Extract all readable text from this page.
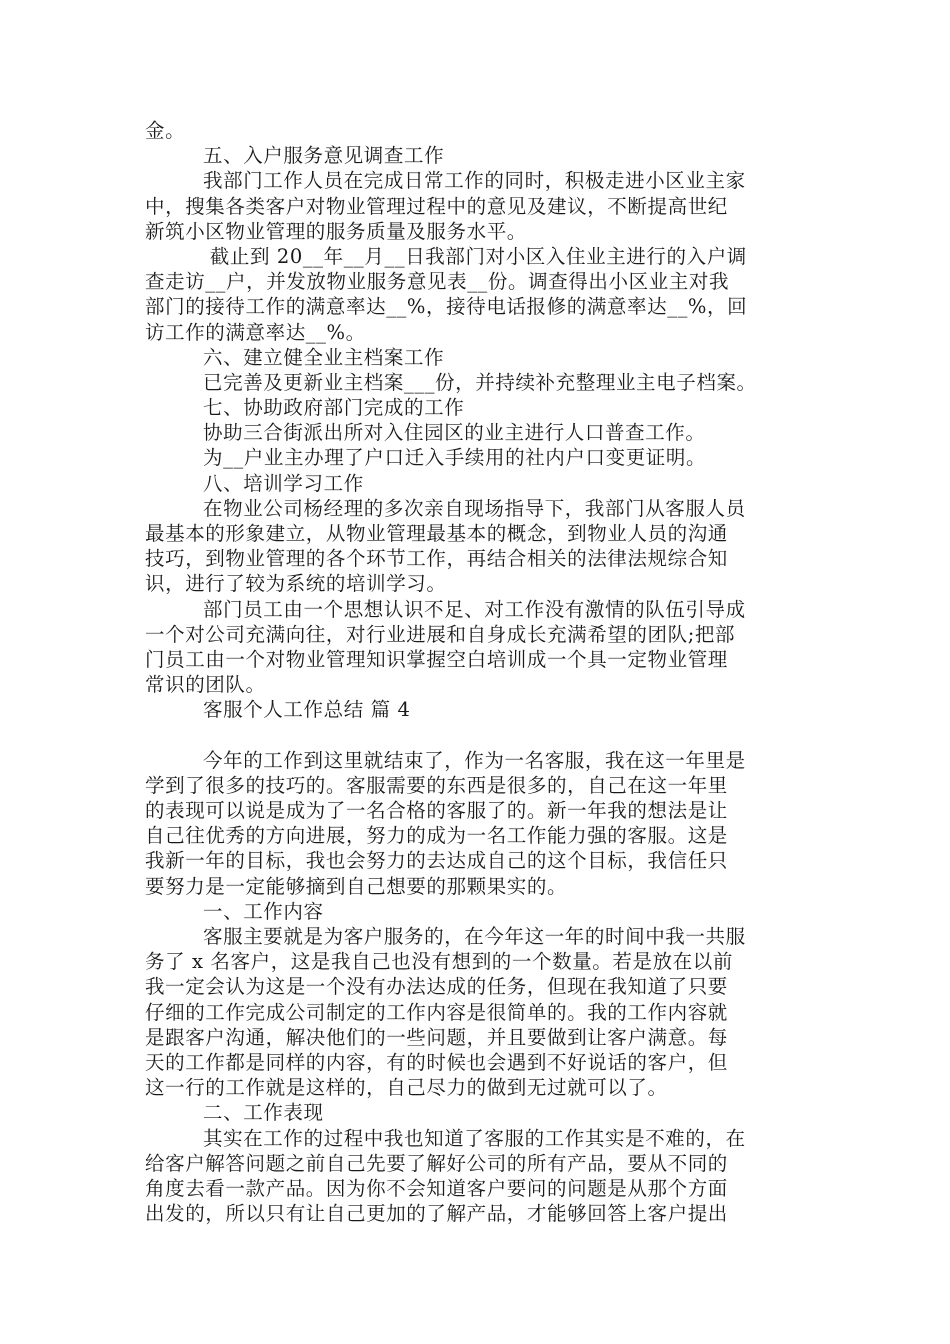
金。
五、入户服务意见调查工作
我部门工作人员在完成日常工作的同时，积极走进小区业主家
中，搜集各类客户对物业管理过程中的意见及建议，不断提高世纪
新筑小区物业管理的服务质量及服务水平。
截止到 20__年__月__日我部门对小区入住业主进行的入户调
查走访__户，并发放物业服务意见表__份。调查得出小区业主对我
部门的接待工作的满意率达__%，接待电话报修的满意率达__%，回
访工作的满意率达__%。
六、建立健全业主档案工作
已完善及更新业主档案___份，并持续补充整理业主电子档案。
七、协助政府部门完成的工作
协助三合街派出所对入住园区的业主进行人口普查工作。
为__户业主办理了户口迁入手续用的社内户口变更证明。
八、培训学习工作
在物业公司杨经理的多次亲自现场指导下，我部门从客服人员
最基本的形象建立，从物业管理最基本的概念，到物业人员的沟通
技巧，到物业管理的各个环节工作，再结合相关的法律法规综合知
识，进行了较为系统的培训学习。
部门员工由一个思想认识不足、对工作没有激情的队伍引导成
一个对公司充满向往，对行业进展和自身成长充满希望的团队;把部
门员工由一个对物业管理知识掌握空白培训成一个具一定物业管理
常识的团队。
客服个人工作总结 篇 4
今年的工作到这里就结束了，作为一名客服，我在这一年里是
学到了很多的技巧的。客服需要的东西是很多的，自己在这一年里
的表现可以说是成为了一名合格的客服了的。新一年我的想法是让
自己往优秀的方向进展，努力的成为一名工作能力强的客服。这是
我新一年的目标，我也会努力的去达成自己的这个目标，我信任只
要努力是一定能够摘到自己想要的那颗果实的。
一、工作内容
客服主要就是为客户服务的，在今年这一年的时间中我一共服
务了 x 名客户，这是我自己也没有想到的一个数量。若是放在以前
我一定会认为这是一个没有办法达成的任务，但现在我知道了只要
仔细的工作完成公司制定的工作内容是很简单的。我的工作内容就
是跟客户沟通，解决他们的一些问题，并且要做到让客户满意。每
天的工作都是同样的内容，有的时候也会遇到不好说话的客户，但
这一行的工作就是这样的，自己尽力的做到无过就可以了。
二、工作表现
其实在工作的过程中我也知道了客服的工作其实是不难的，在
给客户解答问题之前自己先要了解好公司的所有产品，要从不同的
角度去看一款产品。因为你不会知道客户要问的问题是从那个方面
出发的，所以只有让自己更加的了解产品，才能够回答上客户提出
